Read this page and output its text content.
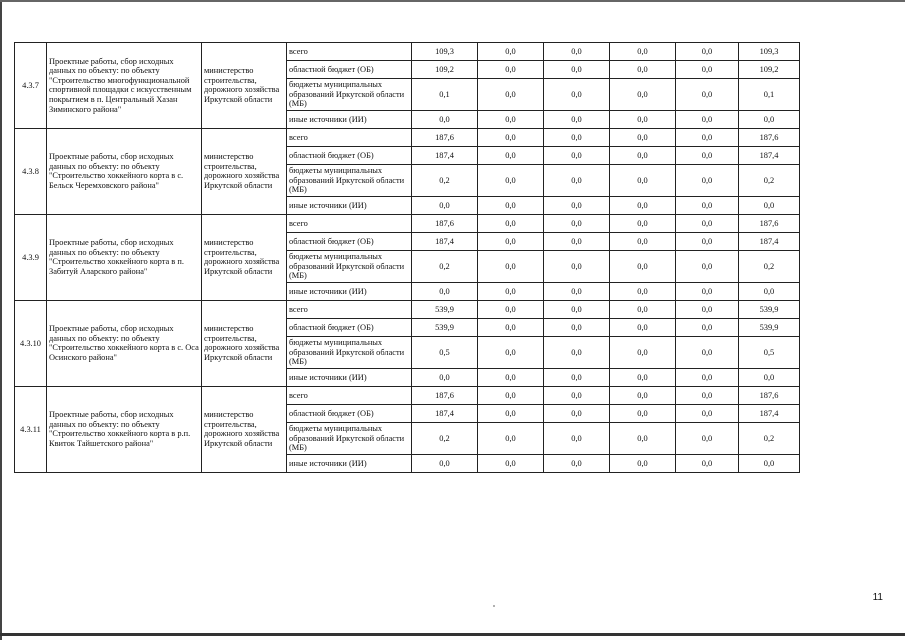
4.3.7	Проектные работы, сбор исходных данных по объекту: по объекту "Строительство многофункциональной спортивной площадки с искусственным покрытием в п. Центральный Хазан Зиминского района"	министерство строительства, дорожного хозяйства Иркутской области	всего	109,3	0,0	0,0	0,0	0,0	109,3
			областной бюджет (ОБ)	109,2	0,0	0,0	0,0	0,0	109,2
			бюджеты муниципальных образований Иркутской области (МБ)	0,1	0,0	0,0	0,0	0,0	0,1
			иные источники (ИИ)	0,0	0,0	0,0	0,0	0,0	0,0
4.3.8	Проектные работы, сбор исходных данных по объекту: по объекту "Строительство хоккейного корта в с. Бельск Черемховского района"	министерство строительства, дорожного хозяйства Иркутской области	всего	187,6	0,0	0,0	0,0	0,0	187,6
			областной бюджет (ОБ)	187,4	0,0	0,0	0,0	0,0	187,4
			бюджеты муниципальных образований Иркутской области (МБ)	0,2	0,0	0,0	0,0	0,0	0,2
			иные источники (ИИ)	0,0	0,0	0,0	0,0	0,0	0,0
4.3.9	Проектные работы, сбор исходных данных по объекту: по объекту "Строительство хоккейного корта в п. Забитуй Аларского района"	министерство строительства, дорожного хозяйства Иркутской области	всего	187,6	0,0	0,0	0,0	0,0	187,6
			областной бюджет (ОБ)	187,4	0,0	0,0	0,0	0,0	187,4
			бюджеты муниципальных образований Иркутской области (МБ)	0,2	0,0	0,0	0,0	0,0	0,2
			иные источники (ИИ)	0,0	0,0	0,0	0,0	0,0	0,0
4.3.10	Проектные работы, сбор исходных данных по объекту: по объекту "Строительство хоккейного корта в с. Оса Осинского района"	министерство строительства, дорожного хозяйства Иркутской области	всего	539,9	0,0	0,0	0,0	0,0	539,9
			областной бюджет (ОБ)	539,9	0,0	0,0	0,0	0,0	539,9
			бюджеты муниципальных образований Иркутской области (МБ)	0,5	0,0	0,0	0,0	0,0	0,5
			иные источники (ИИ)	0,0	0,0	0,0	0,0	0,0	0,0
4.3.11	Проектные работы, сбор исходных данных по объекту: по объекту "Строительство хоккейного корта в р.п. Квиток Тайшетского района"	министерство строительства, дорожного хозяйства Иркутской области	всего	187,6	0,0	0,0	0,0	0,0	187,6
			областной бюджет (ОБ)	187,4	0,0	0,0	0,0	0,0	187,4
			бюджеты муниципальных образований Иркутской области (МБ)	0,2	0,0	0,0	0,0	0,0	0,2
			иные источники (ИИ)	0,0	0,0	0,0	0,0	0,0	0,0
11
